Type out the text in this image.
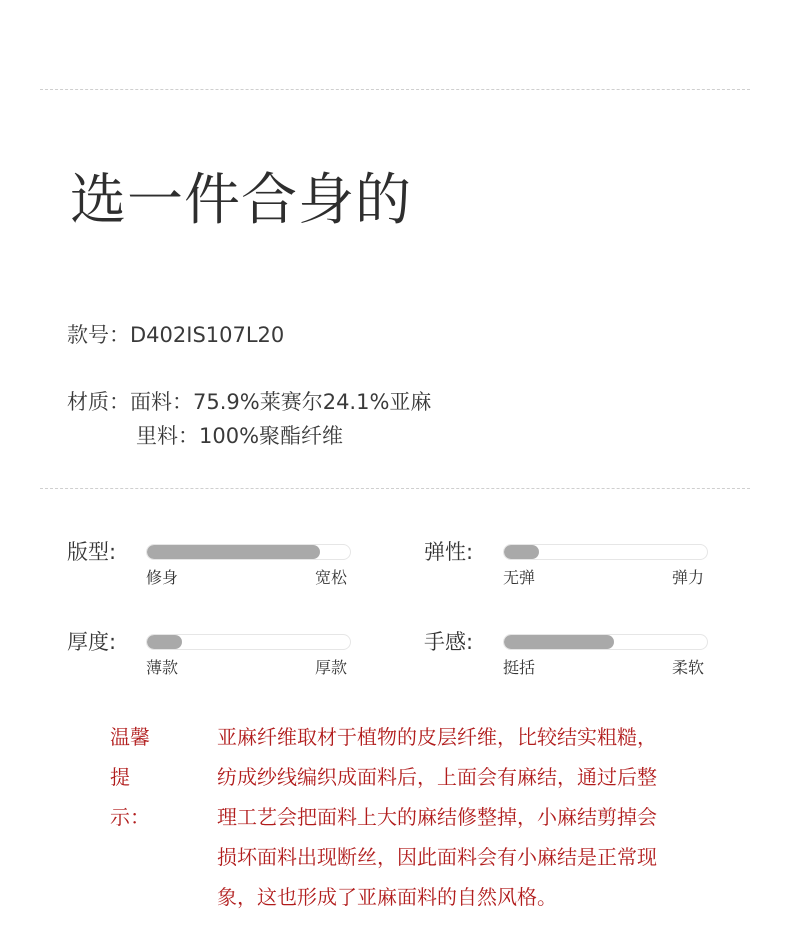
选一件合身的
款号：D402IS107L20
材质：面料：75.9%莱赛尔24.1%亚麻
里料：100%聚酯纤维
版型:
修身	宽松
弹性:
无弹	弹力
厚度:
薄款	厚款
手感:
挺括	柔软
温馨提示：
亚麻纤维取材于植物的皮层纤维，比较结实粗糙，
纺成纱线编织成面料后，上面会有麻结，通过后整
理工艺会把面料上大的麻结修整掉，小麻结剪掉会
损坏面料出现断丝，因此面料会有小麻结是正常现
象，这也形成了亚麻面料的自然风格。
